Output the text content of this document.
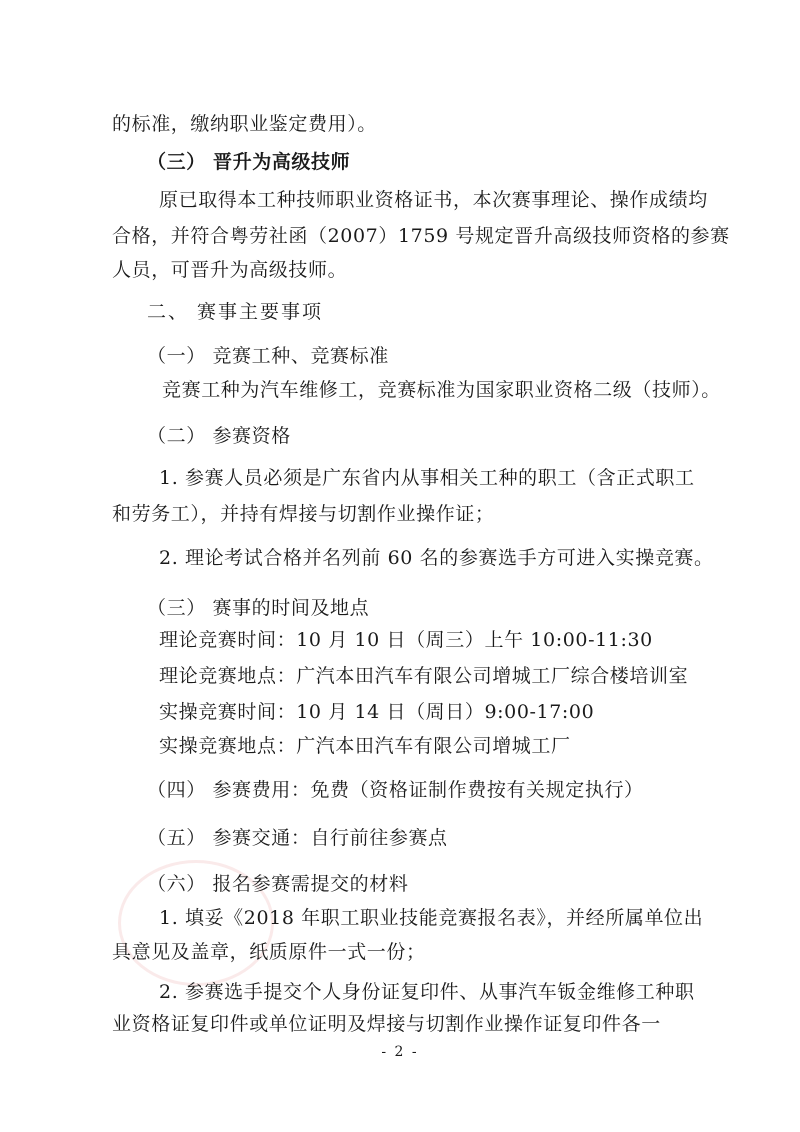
的标准，缴纳职业鉴定费用）。
（三） 晋升为高级技师
原已取得本工种技师职业资格证书，本次赛事理论、操作成绩均
合格，并符合粤劳社函（2007）1759 号规定晋升高级技师资格的参赛
人员，可晋升为高级技师。
二、 赛事主要事项
（一） 竞赛工种、竞赛标准
竞赛工种为汽车维修工，竞赛标准为国家职业资格二级（技师）。
（二） 参赛资格
1. 参赛人员必须是广东省内从事相关工种的职工（含正式职工
和劳务工），并持有焊接与切割作业操作证；
2. 理论考试合格并名列前 60 名的参赛选手方可进入实操竞赛。
（三） 赛事的时间及地点
理论竞赛时间：10 月 10 日（周三）上午 10:00-11:30
理论竞赛地点：广汽本田汽车有限公司增城工厂综合楼培训室
实操竞赛时间：10 月 14 日（周日）9:00-17:00
实操竞赛地点：广汽本田汽车有限公司增城工厂
（四） 参赛费用：免费（资格证制作费按有关规定执行）
（五） 参赛交通：自行前往参赛点
（六） 报名参赛需提交的材料
1. 填妥《2018 年职工职业技能竞赛报名表》，并经所属单位出
具意见及盖章，纸质原件一式一份；
2. 参赛选手提交个人身份证复印件、从事汽车钣金维修工种职
业资格证复印件或单位证明及焊接与切割作业操作证复印件各一
- 2 -
